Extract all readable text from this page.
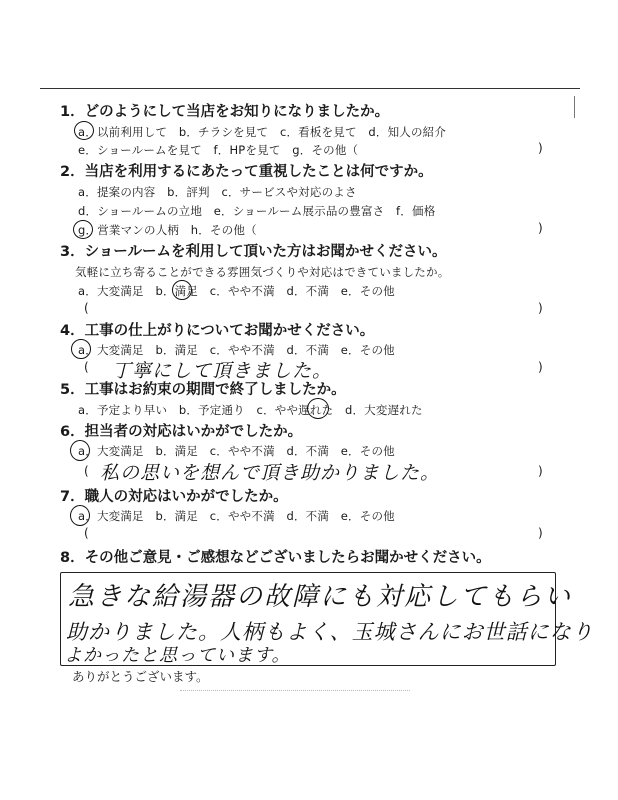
1．どのようにして当店をお知りになりましたか。
a．以前利用して　b．チラシを見て　c．看板を見て　d．知人の紹介
e．ショールームを見て　f．HPを見て　g．その他（	)
2．当店を利用するにあたって重視したことは何ですか。
a．提案の内容　b．評判　c．サービスや対応のよさ
d．ショールームの立地　e．ショールーム展示品の豊富さ　f．価格
g．営業マンの人柄　h．その他（	)
3．ショールームを利用して頂いた方はお聞かせください。
気軽に立ち寄ることができる雰囲気づくりや対応はできていましたか。
a．大変満足　b．満足　c．やや不満　d．不満　e．その他
(	)
4．工事の仕上がりについてお聞かせください。
a．大変満足　b．満足　c．やや不満　d．不満　e．その他
( 丁寧にして頂きました。	)
5．工事はお約束の期間で終了しましたか。
a．予定より早い　b．予定通り　c．やや遅れた　d．大変遅れた
6．担当者の対応はいかがでしたか。
a．大変満足　b．満足　c．やや不満　d．不満　e．その他
( 私の思いを想んで頂き助かりました。	)
7．職人の対応はいかがでしたか。
a．大変満足　b．満足　c．やや不満　d．不満　e．その他
(	)
8．その他ご意見・ご感想などございましたらお聞かせください。
急きな給湯器の故障にも対応してもらい
助かりました。人柄もよく、玉城さんにお世話になり
よかったと思っています。
ありがとうございます。
